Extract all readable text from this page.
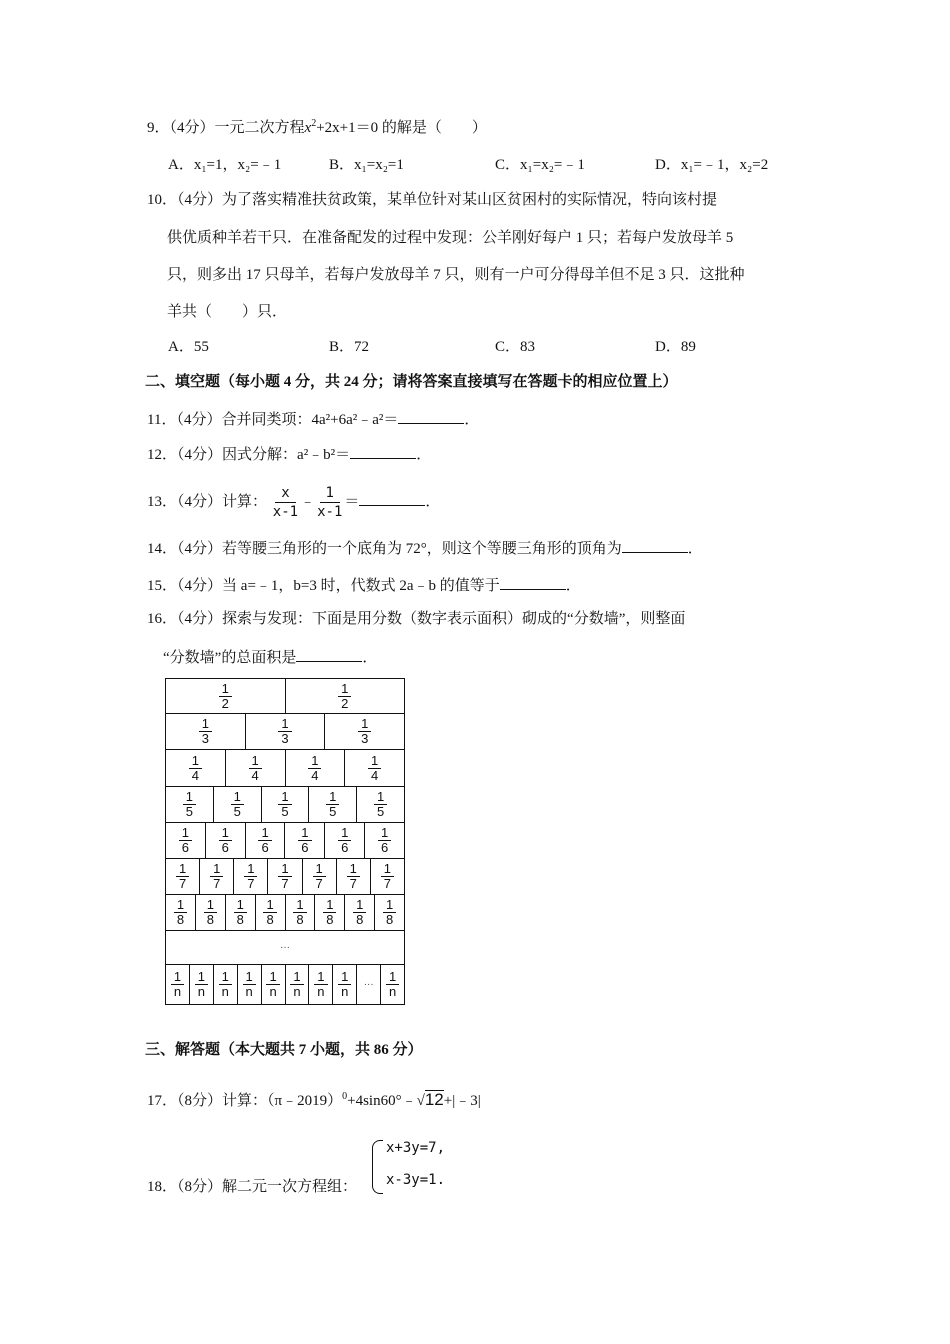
9．（4分）一元二次方程$x^2+2x+1=0$ 的解是（　　）
A．x₁=1，x₂=﹣1	B．x₁=x₂=1	C．x₁=x₂=﹣1	D．x₁=﹣1，x₂=2
10．（4分）为了落实精准扶贫政策，某单位针对某山区贫困村的实际情况，特向该村提
供优质种羊若干只．在准备配发的过程中发现：公羊刚好每户 1 只；若每户发放母羊 5
只，则多出 17 只母羊，若每户发放母羊 7 只，则有一户可分得母羊但不足 3 只．这批种
羊共（　　）只．
A．55	B．72	C．83	D．89
二、填空题（每小题 4 分，共 24 分；请将答案直接填写在答题卡的相应位置上）
11．（4分）合并同类项：4a²+6a²﹣a²＝	．
12．（4分）因式分解：a²﹣b²＝	．
13．（4分）计算： $\frac{x}{x-1}$ ﹣ $\frac{1}{x-1}$ ＝	．
14．（4分）若等腰三角形的一个底角为 72°，则这个等腰三角形的顶角为	．
15．（4分）当 a=﹣1，b=3 时，代数式 2a﹣b 的值等于	．
16．（4分）探索与发现：下面是用分数（数字表示面积）砌成的“分数墙”，则整面
“分数墙”的总面积是	．
$\frac{1}{2}$	$\frac{1}{2}$
$\frac{1}{3}$	$\frac{1}{3}$	$\frac{1}{3}$
$\frac{1}{4}$	$\frac{1}{4}$	$\frac{1}{4}$	$\frac{1}{4}$
$\frac{1}{5}$	$\frac{1}{5}$	$\frac{1}{5}$	$\frac{1}{5}$	$\frac{1}{5}$
$\frac{1}{6} \frac{1}{6} \frac{1}{6} \frac{1}{6} \frac{1}{6} \frac{1}{6}$
$\frac{1}{7} \frac{1}{7} \frac{1}{7} \frac{1}{7} \frac{1}{7} \frac{1}{7} \frac{1}{7}$
$\frac{1}{8} \frac{1}{8} \frac{1}{8} \frac{1}{8} \frac{1}{8} \frac{1}{8} \frac{1}{8} \frac{1}{8}$
···
$\frac{1}{n} \frac{1}{n} \frac{1}{n} \frac{1}{n} \frac{1}{n} \frac{1}{n} \frac{1}{n} \frac{1}{n}$	··· $\frac{1}{n}$
三、解答题（本大题共 7 小题，共 86 分）
17．（8分）计算：（π﹣2019）$^0$+4sin60°﹣√12+|﹣3|
18．（8分）解二元一次方程组：
x+3y=7,
x-3y=1.
